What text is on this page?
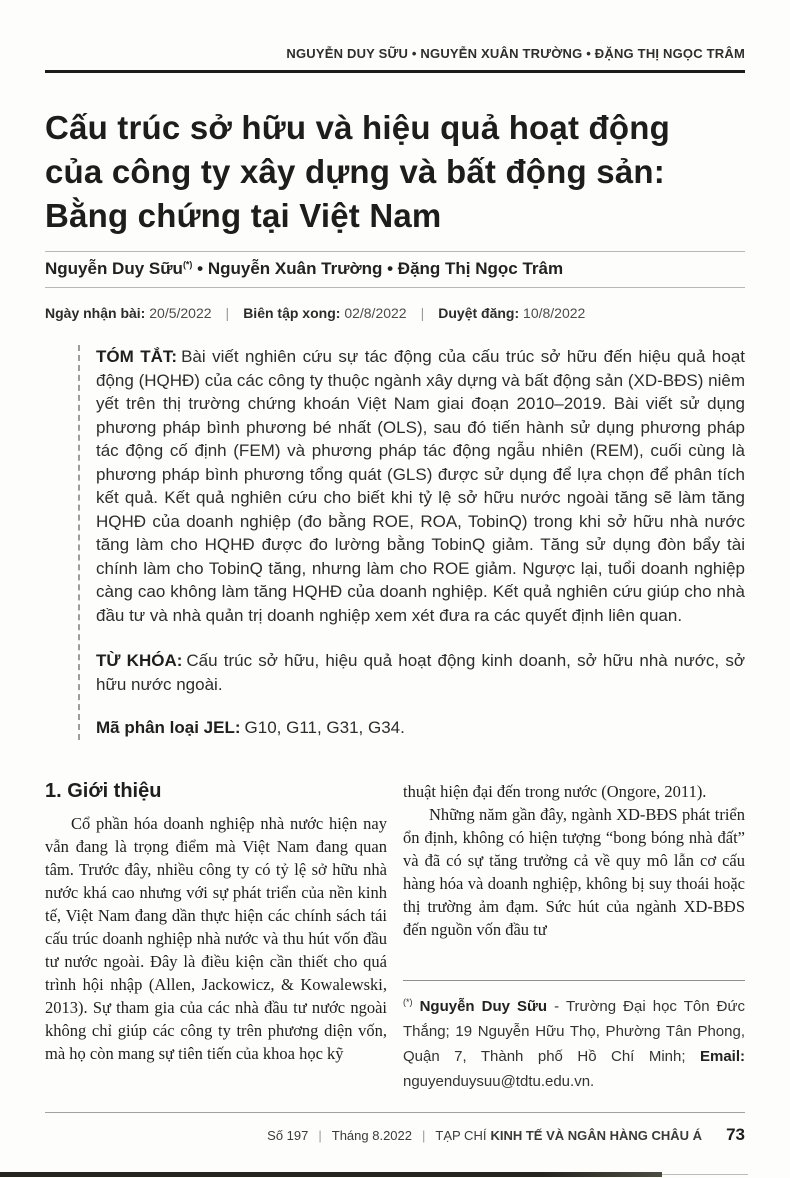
NGUYỄN DUY SỮU • NGUYỄN XUÂN TRƯỜNG • ĐẶNG THỊ NGỌC TRÂM
Cấu trúc sở hữu và hiệu quả hoạt động
của công ty xây dựng và bất động sản:
Bằng chứng tại Việt Nam
Nguyễn Duy Sữu(*) • Nguyễn Xuân Trường • Đặng Thị Ngọc Trâm
Ngày nhận bài: 20/5/2022 | Biên tập xong: 02/8/2022 | Duyệt đăng: 10/8/2022

TÓM TẮT: Bài viết nghiên cứu sự tác động của cấu trúc sở hữu đến hiệu quả hoạt động (HQHĐ) của các công ty thuộc ngành xây dựng và bất động sản (XD-BĐS) niêm yết trên thị trường chứng khoán Việt Nam giai đoạn 2010–2019. Bài viết sử dụng phương pháp bình phương bé nhất (OLS), sau đó tiến hành sử dụng phương pháp tác động cố định (FEM) và phương pháp tác động ngẫu nhiên (REM), cuối cùng là phương pháp bình phương tổng quát (GLS) được sử dụng để lựa chọn để phân tích kết quả. Kết quả nghiên cứu cho biết khi tỷ lệ sở hữu nước ngoài tăng sẽ làm tăng HQHĐ của doanh nghiệp (đo bằng ROE, ROA, TobinQ) trong khi sở hữu nhà nước tăng làm cho HQHĐ được đo lường bằng TobinQ giảm. Tăng sử dụng đòn bẩy tài chính làm cho TobinQ tăng, nhưng làm cho ROE giảm. Ngược lại, tuổi doanh nghiệp càng cao không làm tăng HQHĐ của doanh nghiệp. Kết quả nghiên cứu giúp cho nhà đầu tư và nhà quản trị doanh nghiệp xem xét đưa ra các quyết định liên quan.

TỪ KHÓA: Cấu trúc sở hữu, hiệu quả hoạt động kinh doanh, sở hữu nhà nước, sở hữu nước ngoài.

Mã phân loại JEL: G10, G11, G31, G34.

1. Giới thiệu

Cổ phần hóa doanh nghiệp nhà nước hiện nay vẫn đang là trọng điểm mà Việt Nam đang quan tâm. Trước đây, nhiều công ty có tỷ lệ sở hữu nhà nước khá cao nhưng với sự phát triển của nền kinh tế, Việt Nam đang dần thực hiện các chính sách tái cấu trúc doanh nghiệp nhà nước và thu hút vốn đầu tư nước ngoài. Đây là điều kiện cần thiết cho quá trình hội nhập (Allen, Jackowicz, & Kowalewski, 2013). Sự tham gia của các nhà đầu tư nước ngoài không chỉ giúp các công ty trên phương diện vốn, mà họ còn mang sự tiên tiến của khoa học kỹ

thuật hiện đại đến trong nước (Ongore, 2011).

Những năm gần đây, ngành XD-BĐS phát triển ổn định, không có hiện tượng “bong bóng nhà đất” và đã có sự tăng trưởng cả về quy mô lẫn cơ cấu hàng hóa và doanh nghiệp, không bị suy thoái hoặc thị trường ảm đạm. Sức hút của ngành XD-BĐS đến nguồn vốn đầu tư

(*) Nguyễn Duy Sữu - Trường Đại học Tôn Đức Thắng; 19 Nguyễn Hữu Thọ, Phường Tân Phong, Quận 7, Thành phố Hồ Chí Minh; Email: nguyenduysuu@tdtu.edu.vn.
Số 197 | Tháng 8.2022 | TẠP CHÍ KINH TẾ VÀ NGÂN HÀNG CHÂU Á 73
